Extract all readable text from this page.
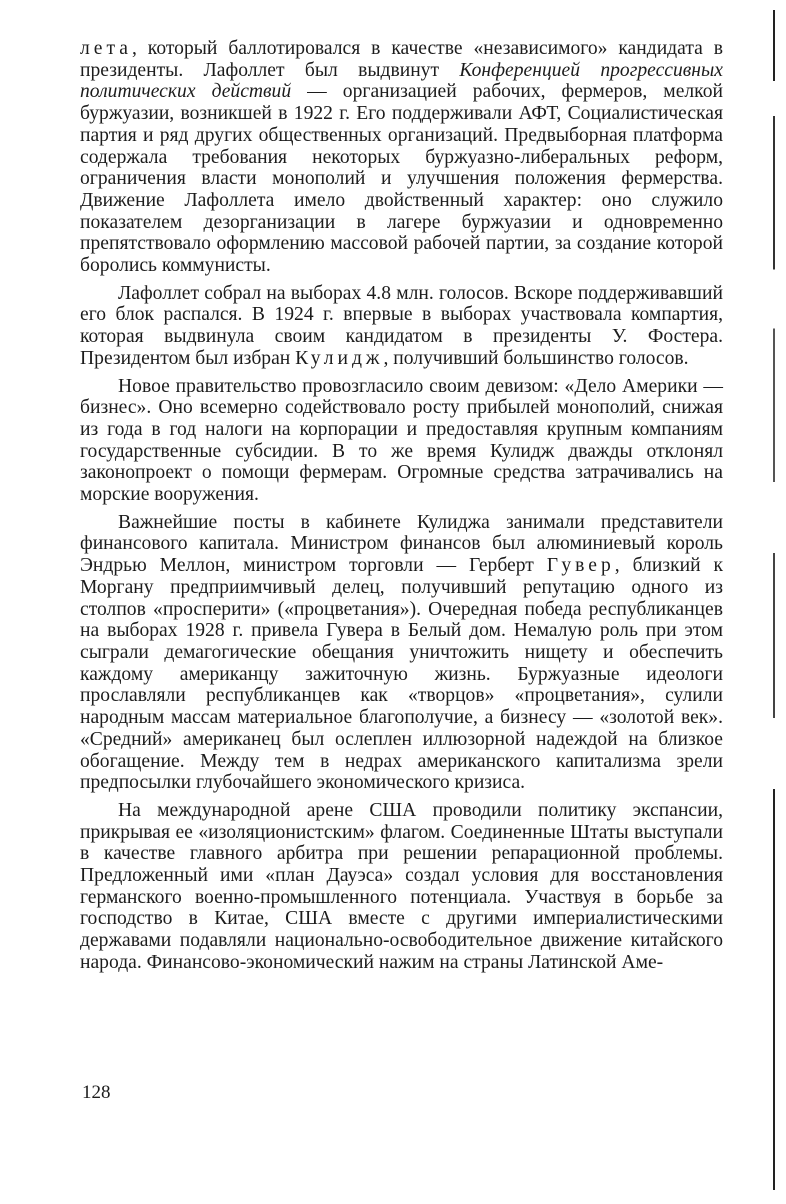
лета, который баллотировался в качестве «независимого» кандидата в президенты. Лафоллет был выдвинут Конференцией прогрессивных политических действий — организацией рабочих, фермеров, мелкой буржуазии, возникшей в 1922 г. Его поддерживали АФТ, Социалистическая партия и ряд других общественных организаций. Предвыборная платформа содержала требования некоторых буржуазно-либеральных реформ, ограничения власти монополий и улучшения положения фермерства. Движение Лафоллета имело двойственный характер: оно служило показателем дезорганизации в лагере буржуазии и одновременно препятствовало оформлению массовой рабочей партии, за создание которой боролись коммунисты.

Лафоллет собрал на выборах 4.8 млн. голосов. Вскоре поддерживавший его блок распался. В 1924 г. впервые в выборах участвовала компартия, которая выдвинула своим кандидатом в президенты У. Фостера. Президентом был избран Кулидж, получивший большинство голосов.

Новое правительство провозгласило своим девизом: «Дело Америки — бизнес». Оно всемерно содействовало росту прибылей монополий, снижая из года в год налоги на корпорации и предоставляя крупным компаниям государственные субсидии. В то же время Кулидж дважды отклонял законопроект о помощи фермерам. Огромные средства затрачивались на морские вооружения.

Важнейшие посты в кабинете Кулиджа занимали представители финансового капитала. Министром финансов был алюминиевый король Эндрью Меллон, министром торговли — Герберт Гувер, близкий к Моргану предприимчивый делец, получивший репутацию одного из столпов «просперити» («процветания»). Очередная победа республиканцев на выборах 1928 г. привела Гувера в Белый дом. Немалую роль при этом сыграли демагогические обещания уничтожить нищету и обеспечить каждому американцу зажиточную жизнь. Буржуазные идеологи прославляли республиканцев как «творцов» «процветания», сулили народным массам материальное благополучие, а бизнесу — «золотой век». «Средний» американец был ослеплен иллюзорной надеждой на близкое обогащение. Между тем в недрах американского капитализма зрели предпосылки глубочайшего экономического кризиса.

На международной арене США проводили политику экспансии, прикрывая ее «изоляционистским» флагом. Соединенные Штаты выступали в качестве главного арбитра при решении репарационной проблемы. Предложенный ими «план Дауэса» создал условия для восстановления германского военно-промышленного потенциала. Участвуя в борьбе за господство в Китае, США вместе с другими империалистическими державами подавляли национально-освободительное движение китайского народа. Финансово-экономический нажим на страны Латинской Аме-

128
